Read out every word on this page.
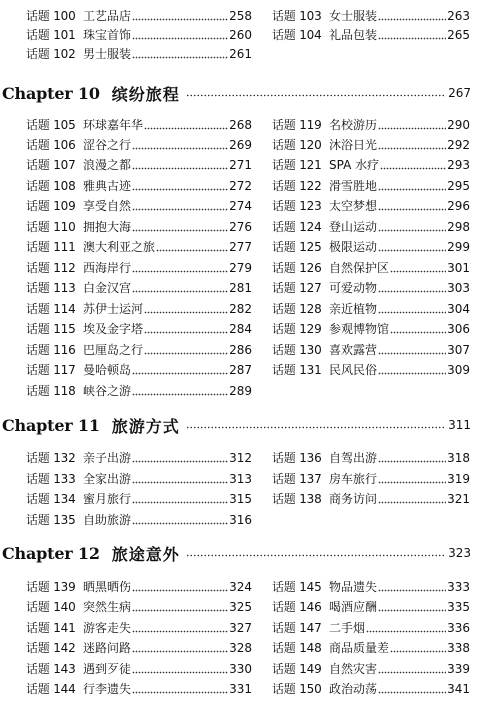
话题 100 工艺品店	258
话题 101 珠宝首饰	260
话题 102 男士服装	261
话题 103 女士服装	263
话题 104 礼品包装	265
Chapter 10 缤纷旅程	267
话题 105 环球嘉年华	268
话题 106 涩谷之行	269
话题 107 浪漫之都	271
话题 108 雅典古迹	272
话题 109 享受自然	274
话题 110 拥抱大海	276
话题 111 澳大利亚之旅	277
话题 112 西海岸行	279
话题 113 白金汉宫	281
话题 114 苏伊士运河	282
话题 115 埃及金字塔	284
话题 116 巴厘岛之行	286
话题 117 曼哈顿岛	287
话题 118 峡谷之游	289
话题 119 名校游历	290
话题 120 沐浴日光	292
话题 121 SPA 水疗	293
话题 122 滑雪胜地	295
话题 123 太空梦想	296
话题 124 登山运动	298
话题 125 极限运动	299
话题 126 自然保护区	301
话题 127 可爱动物	303
话题 128 亲近植物	304
话题 129 参观博物馆	306
话题 130 喜欢露营	307
话题 131 民风民俗	309
Chapter 11 旅游方式	311
话题 132 亲子出游	312
话题 133 全家出游	313
话题 134 蜜月旅行	315
话题 135 自助旅游	316
话题 136 自驾出游	318
话题 137 房车旅行	319
话题 138 商务访问	321
Chapter 12 旅途意外	323
话题 139 晒黑晒伤	324
话题 140 突然生病	325
话题 141 游客走失	327
话题 142 迷路问路	328
话题 143 遇到歹徒	330
话题 144 行李遗失	331
话题 145 物品遗失	333
话题 146 喝酒应酬	335
话题 147 二手烟	336
话题 148 商品质量差	338
话题 149 自然灾害	339
话题 150 政治动荡	341
